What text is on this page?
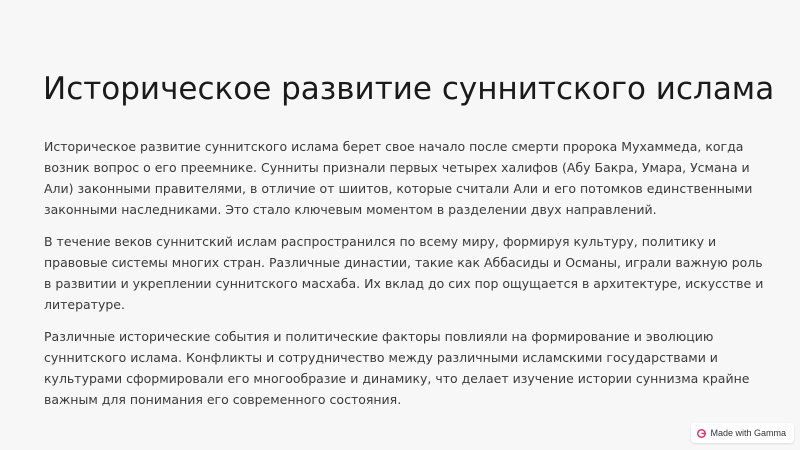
Историческое развитие суннитского ислама

Историческое развитие суннитского ислама берет свое начало после смерти пророка Мухаммеда, когда возник вопрос о его преемнике. Сунниты признали первых четырех халифов (Абу Бакра, Умара, Усмана и Али) законными правителями, в отличие от шиитов, которые считали Али и его потомков единственными законными наследниками. Это стало ключевым моментом в разделении двух направлений.

В течение веков суннитский ислам распространился по всему миру, формируя культуру, политику и правовые системы многих стран. Различные династии, такие как Аббасиды и Османы, играли важную роль в развитии и укреплении суннитского масхаба. Их вклад до сих пор ощущается в архитектуре, искусстве и литературе.

Различные исторические события и политические факторы повлияли на формирование и эволюцию суннитского ислама. Конфликты и сотрудничество между различными исламскими государствами и культурами сформировали его многообразие и динамику, что делает изучение истории суннизма крайне важным для понимания его современного состояния.

Made with Gamma
